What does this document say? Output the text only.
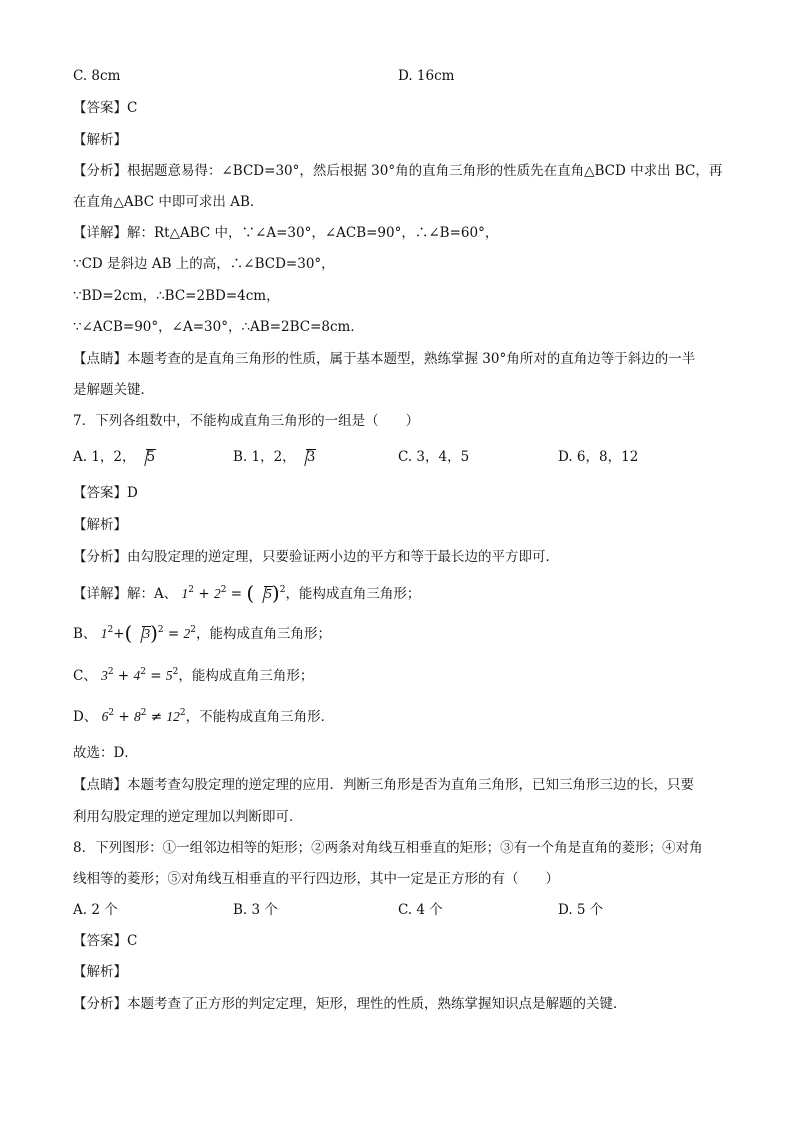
C. 8cm	D. 16cm
【答案】C
【解析】
【分析】根据题意易得：∠BCD=30°，然后根据 30°角的直角三角形的性质先在直角△BCD 中求出 BC，再
在直角△ABC 中即可求出 AB．
【详解】解：Rt△ABC 中，∵∠A=30°，∠ACB=90°，∴∠B=60°，
∵CD 是斜边 AB 上的高，∴∠BCD=30°，
∵BD=2cm，∴BC=2BD=4cm，
∵∠ACB=90°，∠A=30°，∴AB=2BC=8cm．
【点睛】本题考查的是直角三角形的性质，属于基本题型，熟练掌握 30°角所对的直角边等于斜边的一半
是解题关键．
7．下列各组数中，不能构成直角三角形的一组是（　　）
A. 1，2， 5	B. 1，2， 3	C. 3，4，5	D. 6，8，12
【答案】D
【解析】
【分析】由勾股定理的逆定理，只要验证两小边的平方和等于最长边的平方即可．
【详解】解：A、 $1^2 + 2^2$ = ( 5)$^2$，能构成直角三角形；
B、 $1^2+$( $3)^2 = 2^2$，能构成直角三角形；
C、 $3^2 + 4^2 = 5^2$，能构成直角三角形；
D、 $6^2 + 8^2 \ne 12^2$，不能构成直角三角形．
故选：D．
【点睛】本题考查勾股定理的逆定理的应用．判断三角形是否为直角三角形，已知三角形三边的长，只要
利用勾股定理的逆定理加以判断即可．
8．下列图形：①一组邻边相等的矩形；②两条对角线互相垂直的矩形；③有一个角是直角的菱形；④对角
线相等的菱形；⑤对角线互相垂直的平行四边形，其中一定是正方形的有（　　）
A. 2 个	B. 3 个	C. 4 个	D. 5 个
【答案】C
【解析】
【分析】本题考查了正方形的判定定理，矩形，理性的性质，熟练掌握知识点是解题的关键．
